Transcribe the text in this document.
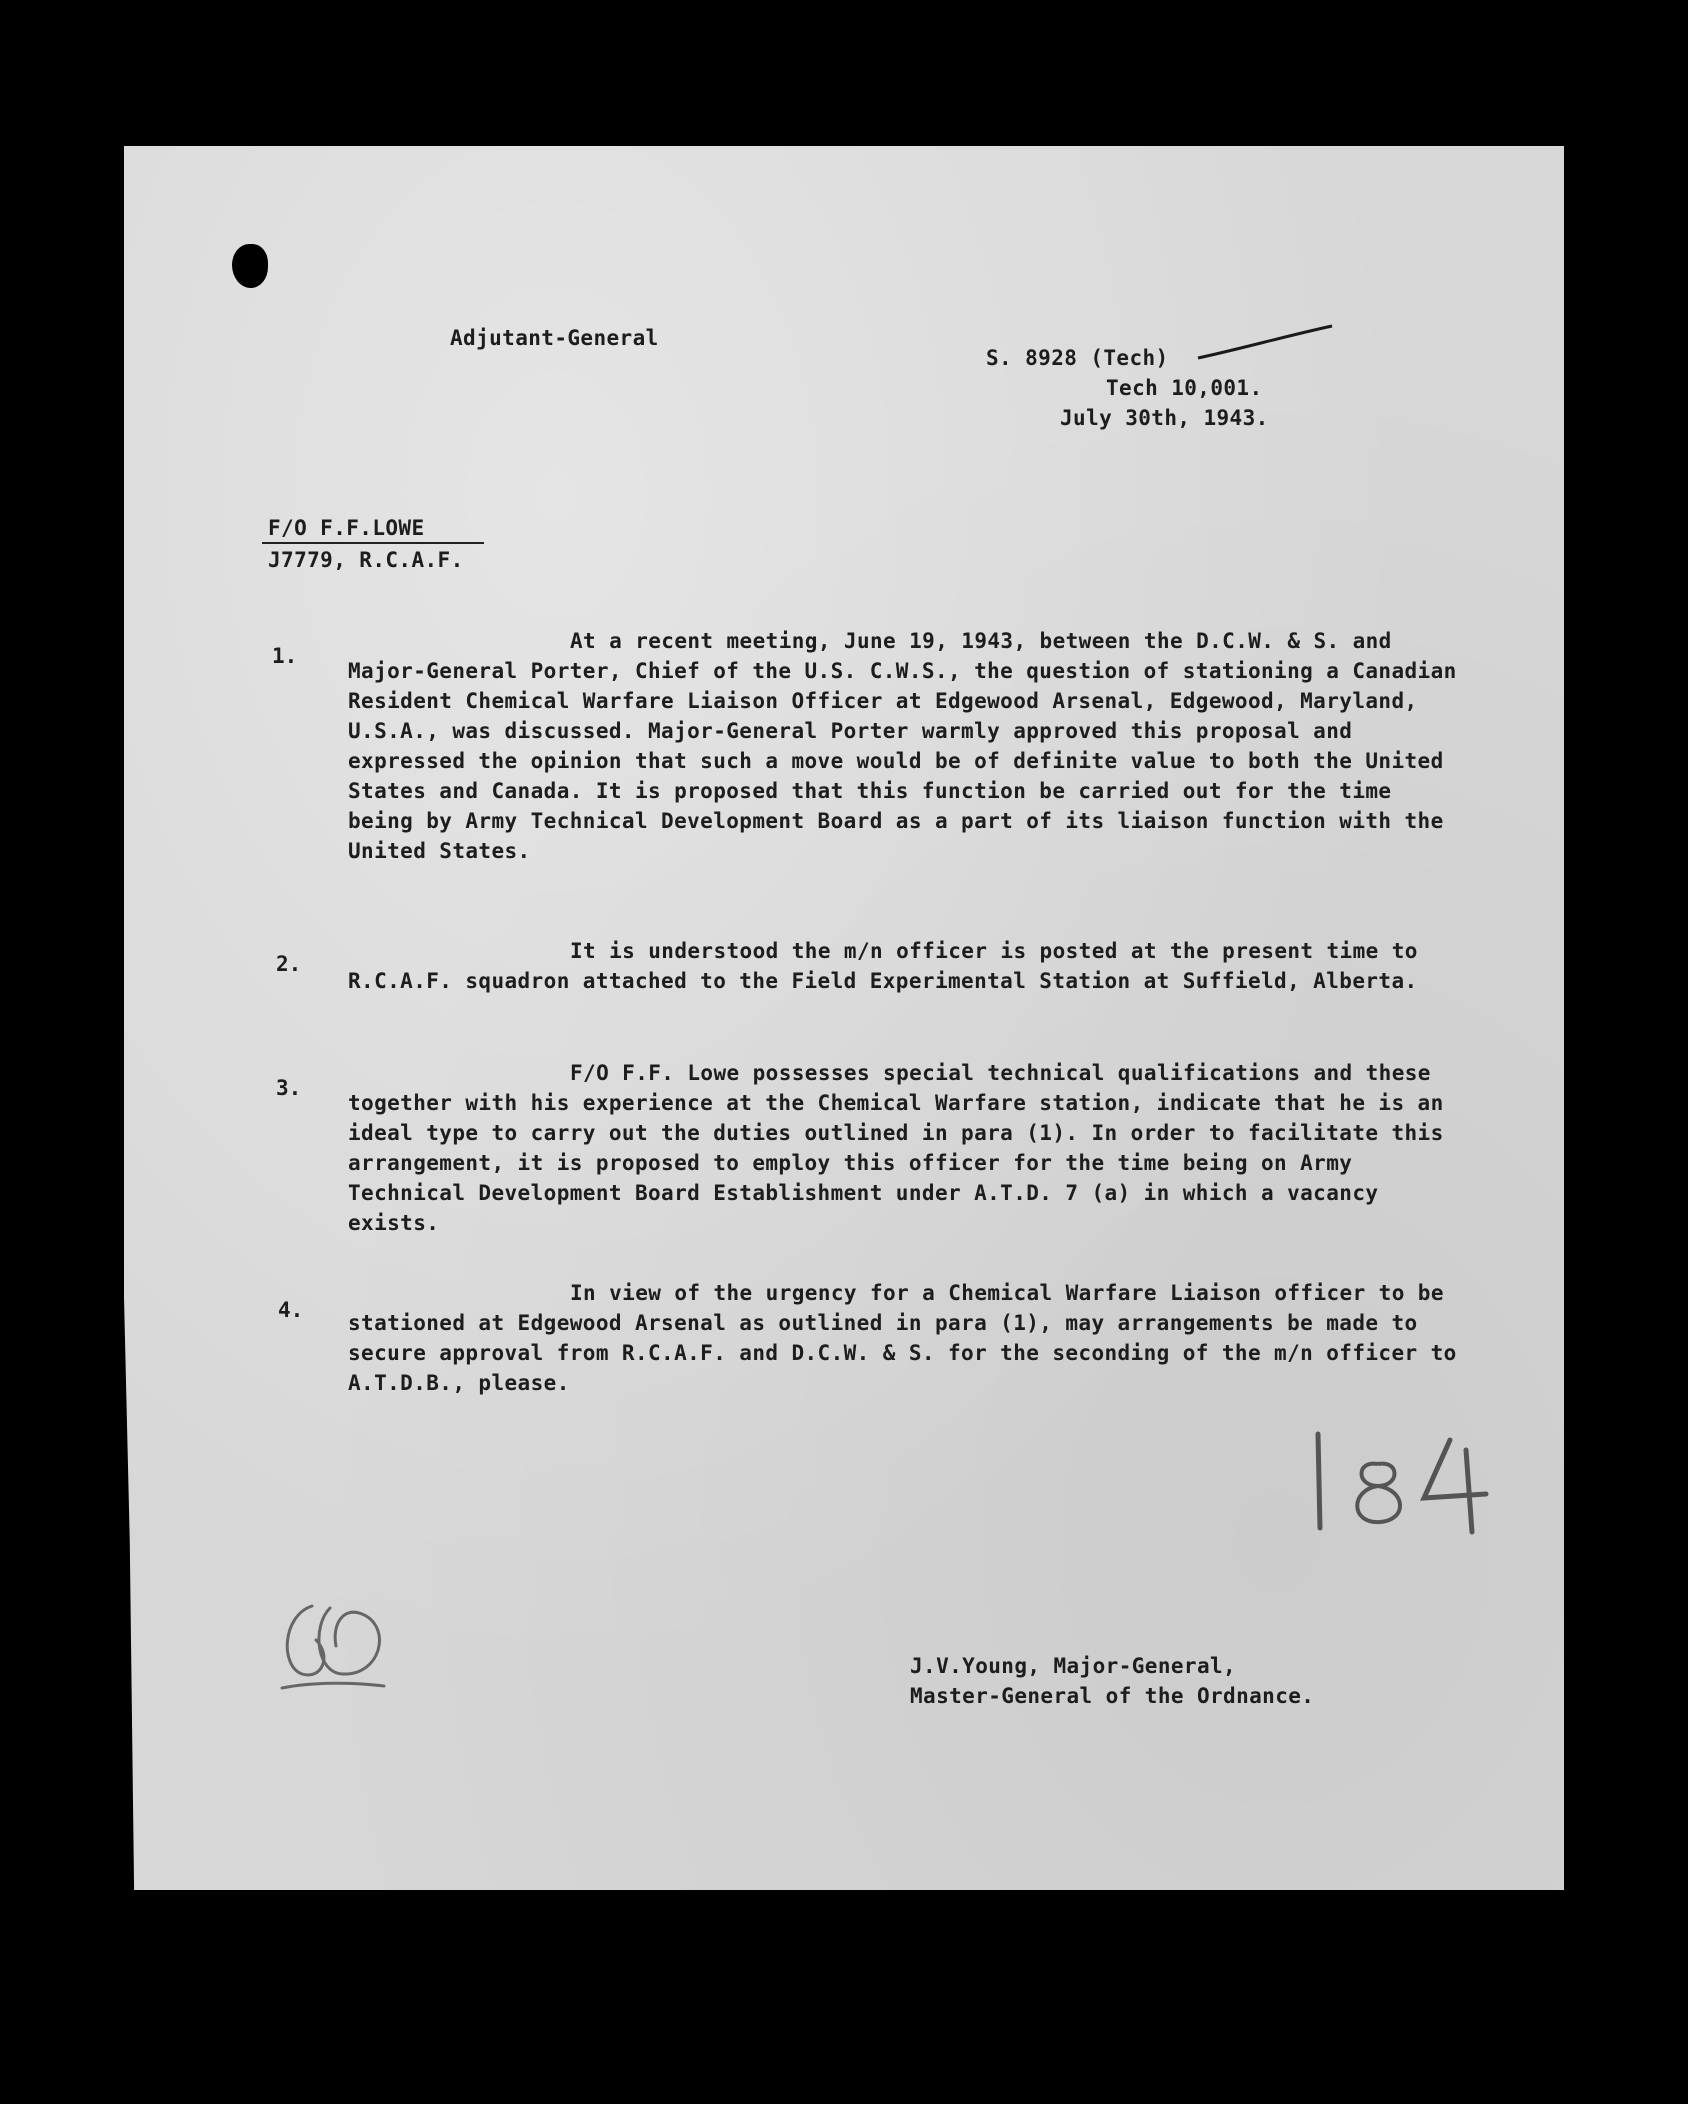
Adjutant-General
S. 8928 (Tech)
Tech 10,001.
July 30th, 1943.
F/O F.F.LOWE
J7779, R.C.A.F.
1.
At a recent meeting, June 19, 1943, between the D.C.W. & S. and Major-General Porter, Chief of the U.S. C.W.S., the question of stationing a Canadian Resident Chemical Warfare Liaison Officer at Edgewood Arsenal, Edgewood, Maryland, U.S.A., was discussed. Major-General Porter warmly approved this proposal and expressed the opinion that such a move would be of definite value to both the United States and Canada. It is proposed that this function be carried out for the time being by Army Technical Development Board as a part of its liaison function with the United States.
2.
It is understood the m/n officer is posted at the present time to R.C.A.F. squadron attached to the Field Experimental Station at Suffield, Alberta.
3.
F/O F.F. Lowe possesses special technical qualifications and these together with his experience at the Chemical Warfare station, indicate that he is an ideal type to carry out the duties outlined in para (1). In order to facilitate this arrangement, it is proposed to employ this officer for the time being on Army Technical Development Board Establishment under A.T.D. 7 (a) in which a vacancy exists.
4.
In view of the urgency for a Chemical Warfare Liaison officer to be stationed at Edgewood Arsenal as outlined in para (1), may arrangements be made to secure approval from R.C.A.F. and D.C.W. & S. for the seconding of the m/n officer to A.T.D.B., please.
J.V.Young, Major-General,
Master-General of the Ordnance.
